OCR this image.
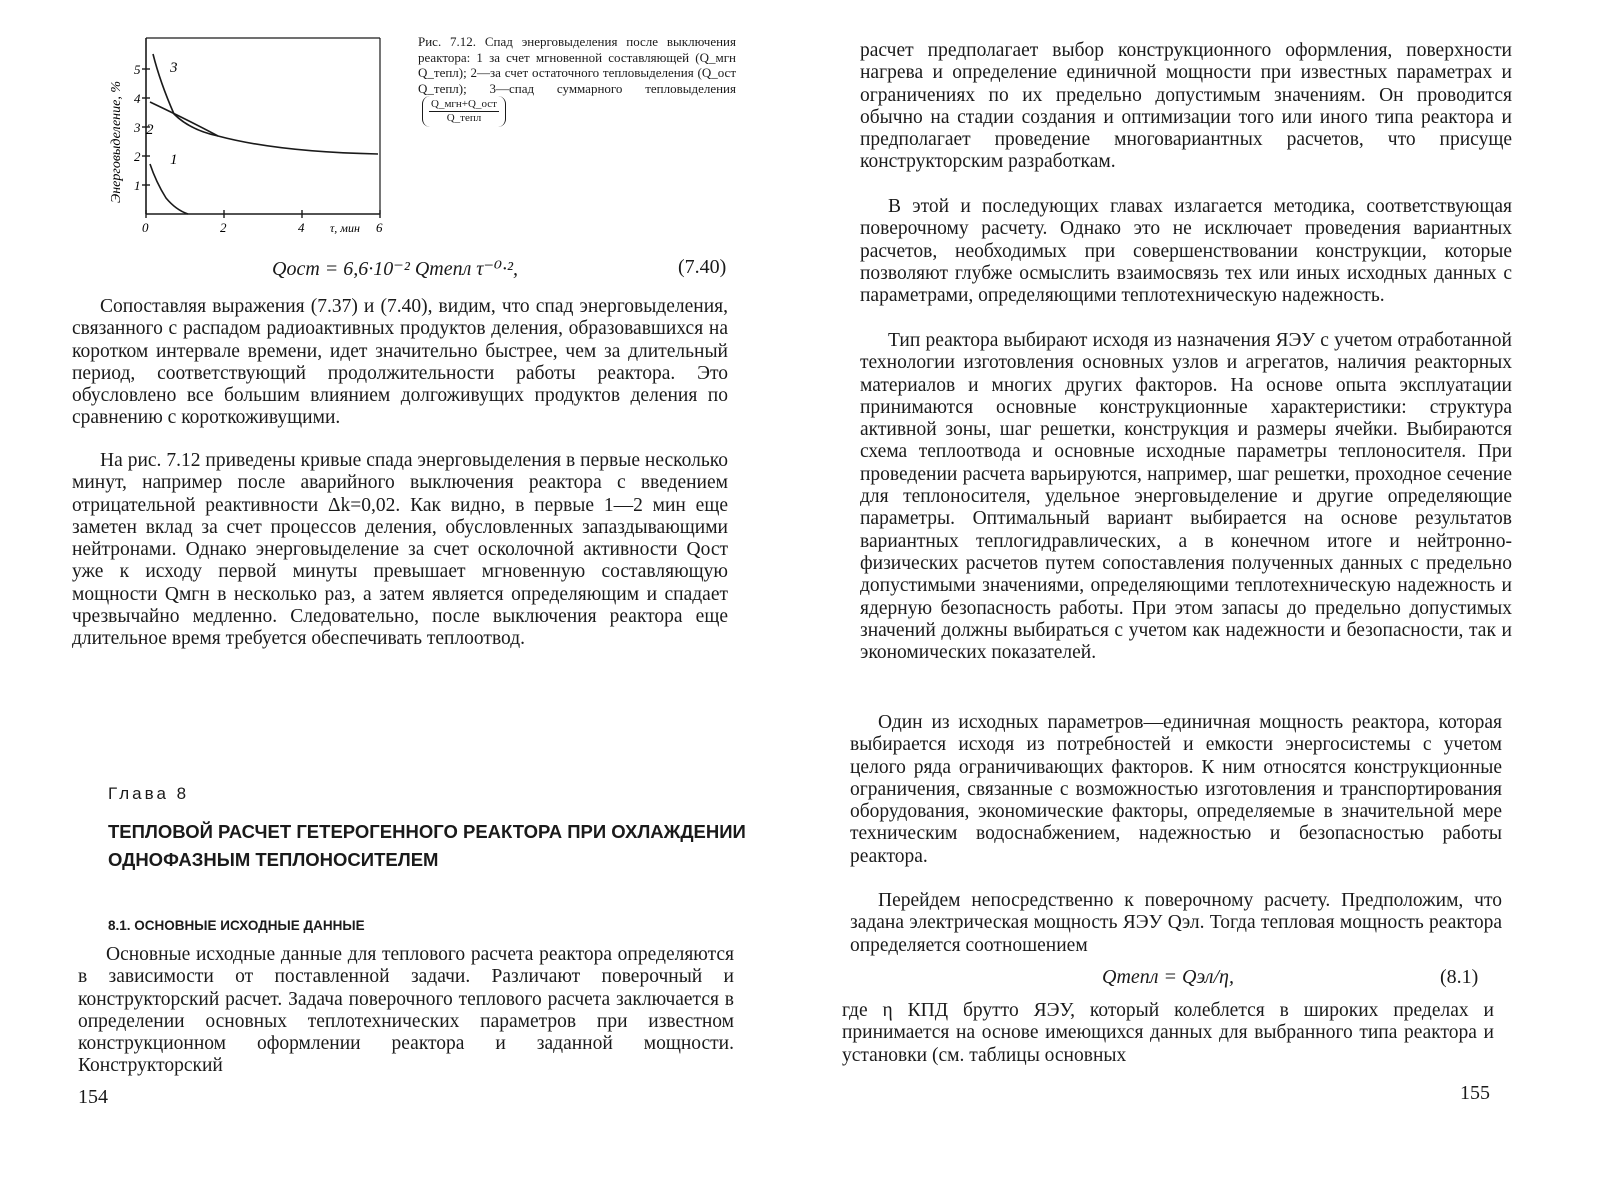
1
2
3
4
5
0	2	4	6
1
2
3
Энерговыделение, %
τ, мин

Рис. 7.12. Спад энерговыделения после выключения реактора: 1 за счет мгновенной составляющей (Q_мгн Q_тепл); 2—за счет остаточного тепловыделения (Q_ост Q_тепл); 3—спад суммарного тепловыделения
$\frac{\text{Q\_мгн+Q\_ост}}{\text{Q\_тепл}}$

Qост = 6,6·10⁻² Qтепл τ⁻⁰·²,	(7.40)

Сопоставляя выражения (7.37) и (7.40), видим, что спад энерговыделения, связанного с распадом радиоактивных продуктов деления, образовавшихся на коротком интервале времени, идет значительно быстрее, чем за длительный период, соответствующий продолжительности работы реактора. Это обусловлено все большим влиянием долгоживущих продуктов деления по сравнению с короткоживущими.

На рис. 7.12 приведены кривые спада энерговыделения в первые несколько минут, например после аварийного выключения реактора с введением отрицательной реактивности Δk=0,02. Как видно, в первые 1—2 мин еще заметен вклад за счет процессов деления, обусловленных запаздывающими нейтронами. Однако энерговыделение за счет осколочной активности Qост уже к исходу первой минуты превышает мгновенную составляющую мощности Qмгн в несколько раз, а затем является определяющим и спадает чрезвычайно медленно. Следовательно, после выключения реактора еще длительное время требуется обеспечивать теплоотвод.

Глава 8

ТЕПЛОВОЙ РАСЧЕТ ГЕТЕРОГЕННОГО РЕАКТОРА ПРИ ОХЛАЖДЕНИИ ОДНОФАЗНЫМ ТЕПЛОНОСИТЕЛЕМ

8.1. ОСНОВНЫЕ ИСХОДНЫЕ ДАННЫЕ

Основные исходные данные для теплового расчета реактора определяются в зависимости от поставленной задачи. Различают поверочный и конструкторский расчет. Задача поверочного теплового расчета заключается в определении основных теплотехнических параметров при известном конструкционном оформлении реактора и заданной мощности. Конструкторский

154

расчет предполагает выбор конструкционного оформления, поверхности нагрева и определение единичной мощности при известных параметрах и ограничениях по их предельно допустимым значениям. Он проводится обычно на стадии создания и оптимизации того или иного типа реактора и предполагает проведение многовариантных расчетов, что присуще конструкторским разработкам.

В этой и последующих главах излагается методика, соответствующая поверочному расчету. Однако это не исключает проведения вариантных расчетов, необходимых при совершенствовании конструкции, которые позволяют глубже осмыслить взаимосвязь тех или иных исходных данных с параметрами, определяющими теплотехническую надежность.

Тип реактора выбирают исходя из назначения ЯЭУ с учетом отработанной технологии изготовления основных узлов и агрегатов, наличия реакторных материалов и многих других факторов. На основе опыта эксплуатации принимаются основные конструкционные характеристики: структура активной зоны, шаг решетки, конструкция и размеры ячейки. Выбираются схема теплоотвода и основные исходные параметры теплоносителя. При проведении расчета варьируются, например, шаг решетки, проходное сечение для теплоносителя, удельное энерговыделение и другие определяющие параметры. Оптимальный вариант выбирается на основе результатов вариантных теплогидравлических, а в конечном итоге и нейтронно-физических расчетов путем сопоставления полученных данных с предельно допустимыми значениями, определяющими теплотехническую надежность и ядерную безопасность работы. При этом запасы до предельно допустимых значений должны выбираться с учетом как надежности и безопасности, так и экономических показателей.

Один из исходных параметров—единичная мощность реактора, которая выбирается исходя из потребностей и емкости энергосистемы с учетом целого ряда ограничивающих факторов. К ним относятся конструкционные ограничения, связанные с возможностью изготовления и транспортирования оборудования, экономические факторы, определяемые в значительной мере техническим водоснабжением, надежностью и безопасностью работы реактора.

Перейдем непосредственно к поверочному расчету. Предположим, что задана электрическая мощность ЯЭУ Qэл. Тогда тепловая мощность реактора определяется соотношением

Qтепл = Qэл/η,	(8.1)

где η КПД брутто ЯЭУ, который колеблется в широких пределах и принимается на основе имеющихся данных для выбранного типа реактора и установки (см. таблицы основных

155
